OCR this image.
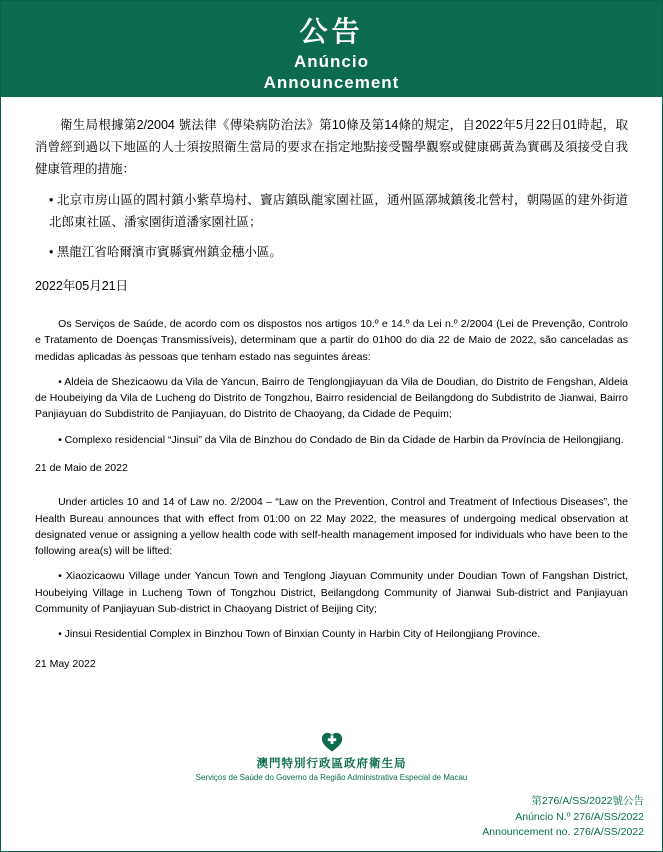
公告
Anúncio
Announcement

衛生局根據第2/2004 號法律《傳染病防治法》第10條及第14條的規定，自2022年5月22日01時起，取消曾經到過以下地區的人士須按照衛生當局的要求在指定地點接受醫學觀察或健康碼黃為實碼及須接受自我健康管理的措施：

• 北京市房山區的閻村鎮小紫草塢村、竇店鎮臥龍家園社區，通州區漷城鎮後北營村，朝陽區的建外街道北郎東社區、潘家園街道潘家園社區；

• 黑龍江省哈爾濱市賓縣賓州鎮金穗小區。

2022年05月21日

Os Serviços de Saúde, de acordo com os dispostos nos artigos 10.º e 14.º da Lei n.º 2/2004 (Lei de Prevenção, Controlo e Tratamento de Doenças Transmissíveis), determinam que a partir do 01h00 do dia 22 de Maio de 2022, são canceladas as medidas aplicadas às pessoas que tenham estado nas seguintes áreas:

• Aldeia de Shezicaowu da Vila de Yancun, Bairro de Tenglongjiayuan da Vila de Doudian, do Distrito de Fengshan, Aldeia de Houbeiying da Vila de Lucheng do Distrito de Tongzhou, Bairro residencial de Beilangdong do Subdistrito de Jianwai, Bairro Panjiayuan do Subdistrito de Panjiayuan, do Distrito de Chaoyang, da Cidade de Pequim;

• Complexo residencial “Jinsui” da Vila de Binzhou do Condado de Bin da Cidade de Harbin da Província de Heilongjiang.

21 de Maio de 2022

Under articles 10 and 14 of Law no. 2/2004 – “Law on the Prevention, Control and Treatment of Infectious Diseases”, the Health Bureau announces that with effect from 01:00 on 22 May 2022, the measures of undergoing medical observation at designated venue or assigning a yellow health code with self-health management imposed for individuals who have been to the following area(s) will be lifted:

• Xiaozicaowu Village under Yancun Town and Tenglong Jiayuan Community under Doudian Town of Fangshan District, Houbeiying Village in Lucheng Town of Tongzhou District, Beilangdong Community of Jianwai Sub-district and Panjiayuan Community of Panjiayuan Sub-district in Chaoyang District of Beijing City;

• Jinsui Residential Complex in Binzhou Town of Binxian County in Harbin City of Heilongjiang Province.

21 May 2022

澳門特別行政區政府衛生局
Serviços de Saúde do Governo da Região Administrativa Especial de Macau
第276/A/SS/2022號公告
Anúncio N.º 276/A/SS/2022
Announcement no. 276/A/SS/2022
